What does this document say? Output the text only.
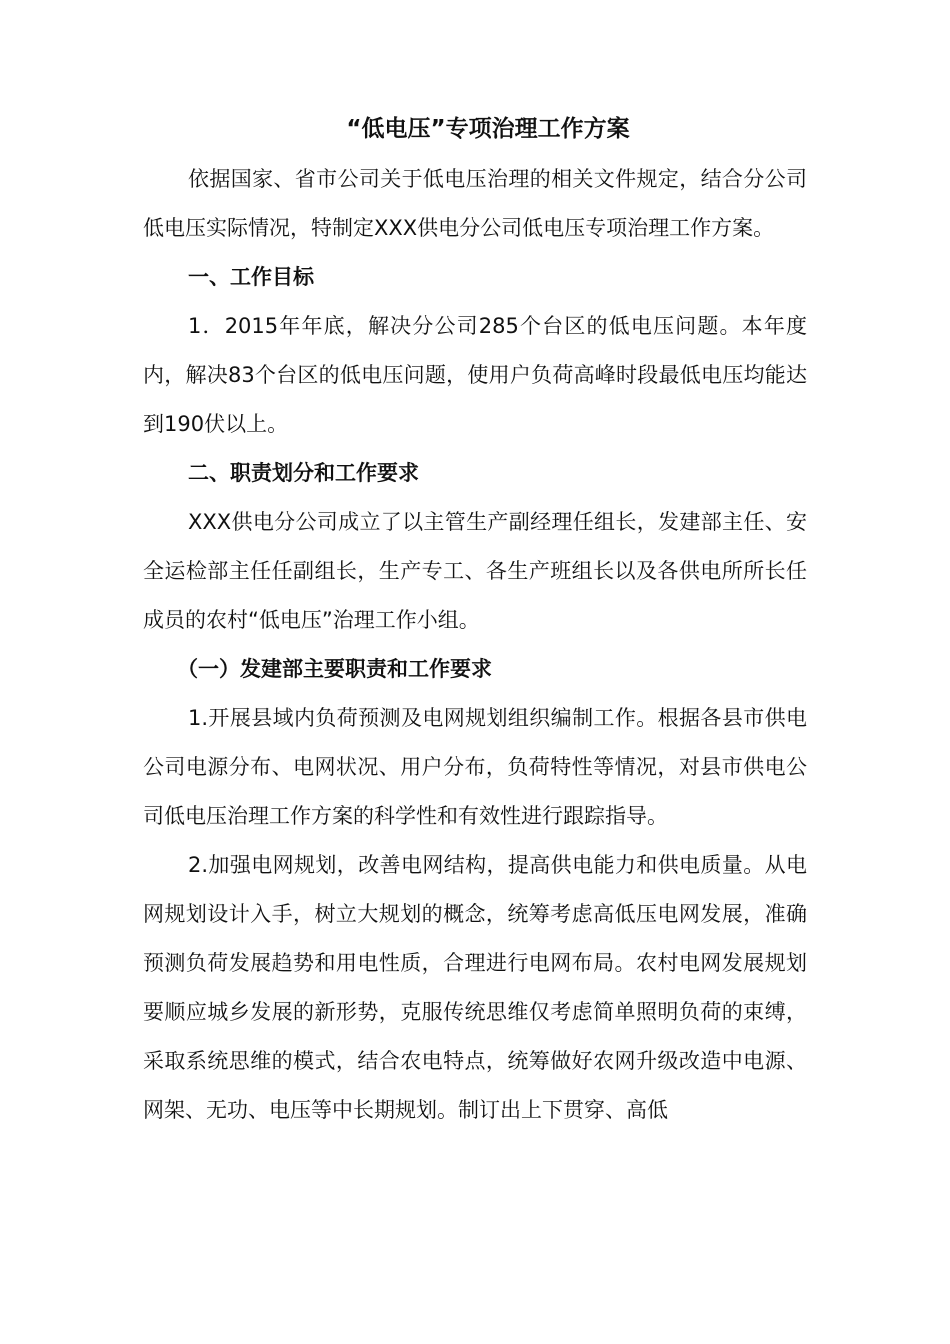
“低电压”专项治理工作方案

依据国家、省市公司关于低电压治理的相关文件规定，结合分公司低电压实际情况，特制定XXX供电分公司低电压专项治理工作方案。

一、工作目标

1．2015年年底，解决分公司285个台区的低电压问题。本年度内，解决83个台区的低电压问题，使用户负荷高峰时段最低电压均能达到190伏以上。

二、职责划分和工作要求

XXX供电分公司成立了以主管生产副经理任组长，发建部主任、安全运检部主任任副组长，生产专工、各生产班组长以及各供电所所长任成员的农村“低电压”治理工作小组。

（一）发建部主要职责和工作要求

1.开展县域内负荷预测及电网规划组织编制工作。根据各县市供电公司电源分布、电网状况、用户分布，负荷特性等情况，对县市供电公司低电压治理工作方案的科学性和有效性进行跟踪指导。

2.加强电网规划，改善电网结构，提高供电能力和供电质量。从电网规划设计入手，树立大规划的概念，统筹考虑高低压电网发展，准确预测负荷发展趋势和用电性质，合理进行电网布局。农村电网发展规划要顺应城乡发展的新形势，克服传统思维仅考虑简单照明负荷的束缚，采取系统思维的模式，结合农电特点，统筹做好农网升级改造中电源、网架、无功、电压等中长期规划。制订出上下贯穿、高低
